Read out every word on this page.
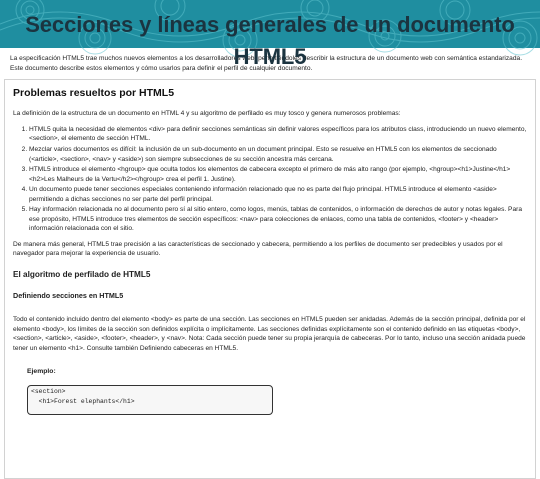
Secciones y líneas generales de un documento HTML5

La especificación HTML5 trae muchos nuevos elementos a los desarrolladores web, permitiéndoles describir la estructura de un documento web con semántica estandarizada. Este documento describe estos elementos y cómo usarlos para definir el perfil de cualquier documento.

Problemas resueltos por HTML5

La definición de la estructura de un documento en HTML 4 y su algoritmo de perfilado es muy tosco y genera numerosos problemas:

1. HTML5 quita la necesidad de elementos <div> para definir secciones semánticas sin definir valores específicos para los atributos class, introduciendo un nuevo elemento, <section>, el elemento de sección HTML.
2. Mezclar varios documentos es difícil: la inclusión de un sub-documento en un document principal. Esto se resuelve en HTML5 con los elementos de seccionado (<article>, <section>, <nav> y <aside>) son siempre subsecciones de su sección ancestra más cercana.
3. HTML5 introduce el elemento <hgroup> que oculta todos los elementos de cabecera excepto el primero de más alto rango (por ejemplo, <hgroup><h1>Justine</h1><h2>Les Malheurs de la Vertu</h2></hgroup> crea el perfil 1. Justine).
4. Un documento puede tener secciones especiales conteniendo información relacionado que no es parte del flujo principal. HTML5 introduce el elemento <aside> permitiendo a dichas secciones no ser parte del perfil principal.
5. Hay información relacionada no al documento pero sí al sitio entero, como logos, menús, tablas de contenidos, o información de derechos de autor y notas legales. Para ese propósito, HTML5 introduce tres elementos de sección específicos: <nav> para colecciones de enlaces, como una tabla de contenidos, <footer> y <header> información relacionada con el sitio.

De manera más general, HTML5 trae precisión a las características de seccionado y cabecera, permitiendo a los perfiles de documento ser predecibles y usados por el navegador para mejorar la experiencia de usuario.

El algoritmo de perfilado de HTML5
Definiendo secciones en HTML5

Todo el contenido incluido dentro del elemento <body> es parte de una sección. Las secciones en HTML5 pueden ser anidadas. Además de la sección principal, definida por el elemento <body>, los límites de la sección son definidos explícita o implícitamente. Las secciones definidas explícitamente son el contenido definido en las etiquetas <body>, <section>, <article>, <aside>, <footer>, <header>, y <nav>. Nota: Cada sección puede tener su propia jerarquía de cabeceras. Por lo tanto, incluso una sección anidada puede tener un elemento <h1>. Consulte también Definiendo cabeceras en HTML5.

Ejemplo:
<section>
<h1>Forest elephants</h1>
